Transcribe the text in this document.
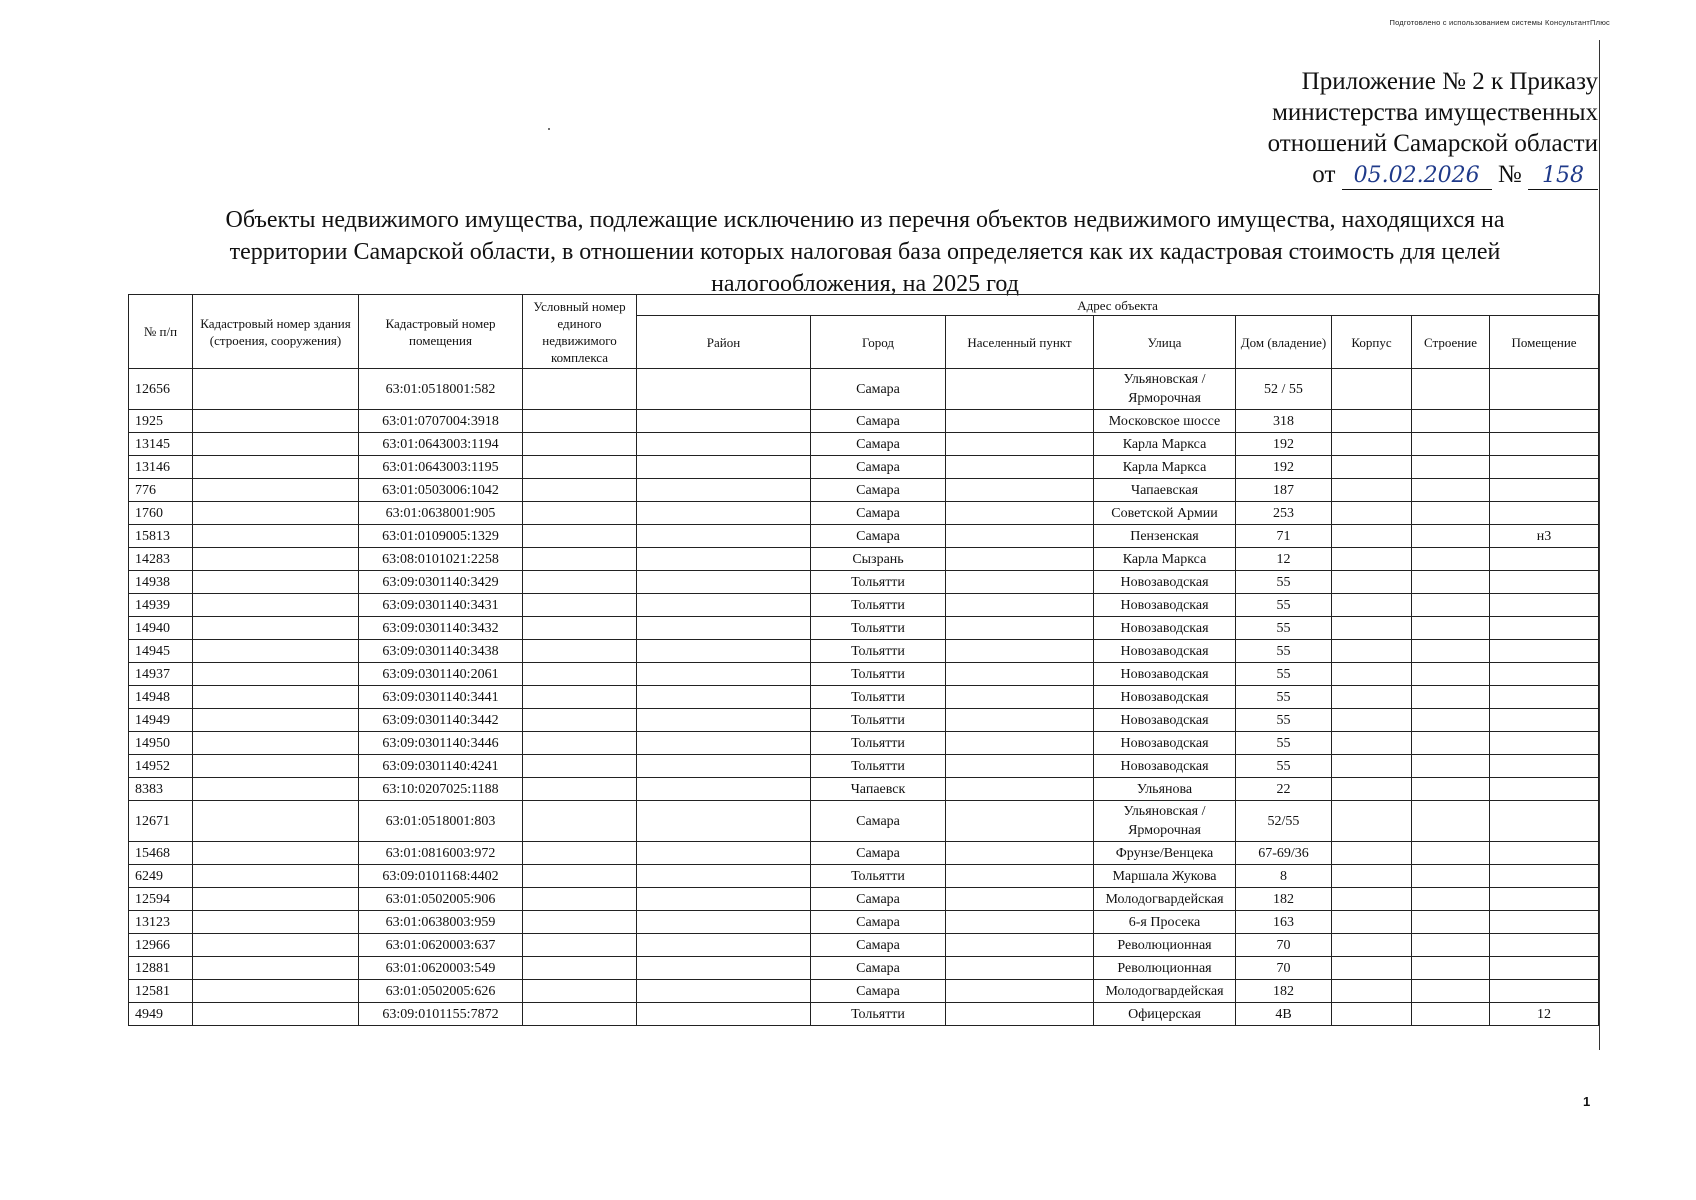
Подготовлено с использованием системы КонсультантПлюс
Приложение № 2 к Приказу
министерства имущественных
отношений Самарской области
от 05.02.2026 № 158
Объекты недвижимого имущества, подлежащие исключению из перечня объектов недвижимого имущества, находящихся на территории Самарской области, в отношении которых налоговая база определяется как их кадастровая стоимость для целей налогообложения, на 2025 год
№ п/п	Кадастровый номер здания (строения, сооружения)	Кадастровый номер помещения	Условный номер единого недвижимого комплекса	Адрес объекта							
				Район	Город	Населенный пункт	Улица	Дом (владение)	Корпус	Строение	Помещение
12656		63:01:0518001:582			Самара		Ульяновская /Ярморочная	52 / 55			
1925		63:01:0707004:3918			Самара		Московское шоссе	318			
13145		63:01:0643003:1194			Самара		Карла Маркса	192			
13146		63:01:0643003:1195			Самара		Карла Маркса	192			
776		63:01:0503006:1042			Самара		Чапаевская	187			
1760		63:01:0638001:905			Самара		Советской Армии	253			
15813		63:01:0109005:1329			Самара		Пензенская	71			н3
14283		63:08:0101021:2258			Сызрань		Карла Маркса	12			
14938		63:09:0301140:3429			Тольятти		Новозаводская	55			
14939		63:09:0301140:3431			Тольятти		Новозаводская	55			
14940		63:09:0301140:3432			Тольятти		Новозаводская	55			
14945		63:09:0301140:3438			Тольятти		Новозаводская	55			
14937		63:09:0301140:2061			Тольятти		Новозаводская	55			
14948		63:09:0301140:3441			Тольятти		Новозаводская	55			
14949		63:09:0301140:3442			Тольятти		Новозаводская	55			
14950		63:09:0301140:3446			Тольятти		Новозаводская	55			
14952		63:09:0301140:4241			Тольятти		Новозаводская	55			
8383		63:10:0207025:1188			Чапаевск		Ульянова	22			
12671		63:01:0518001:803			Самара		Ульяновская / Ярморочная	52/55			
15468		63:01:0816003:972			Самара		Фрунзе/Венцека	67-69/36			
6249		63:09:0101168:4402			Тольятти		Маршала Жукова	8			
12594		63:01:0502005:906			Самара		Молодогвардейская	182			
13123		63:01:0638003:959			Самара		6-я Просека	163			
12966		63:01:0620003:637			Самара		Революционная	70			
12881		63:01:0620003:549			Самара		Революционная	70			
12581		63:01:0502005:626			Самара		Молодогвардейская	182			
4949		63:09:0101155:7872			Тольятти		Офицерская	4В			12
1
